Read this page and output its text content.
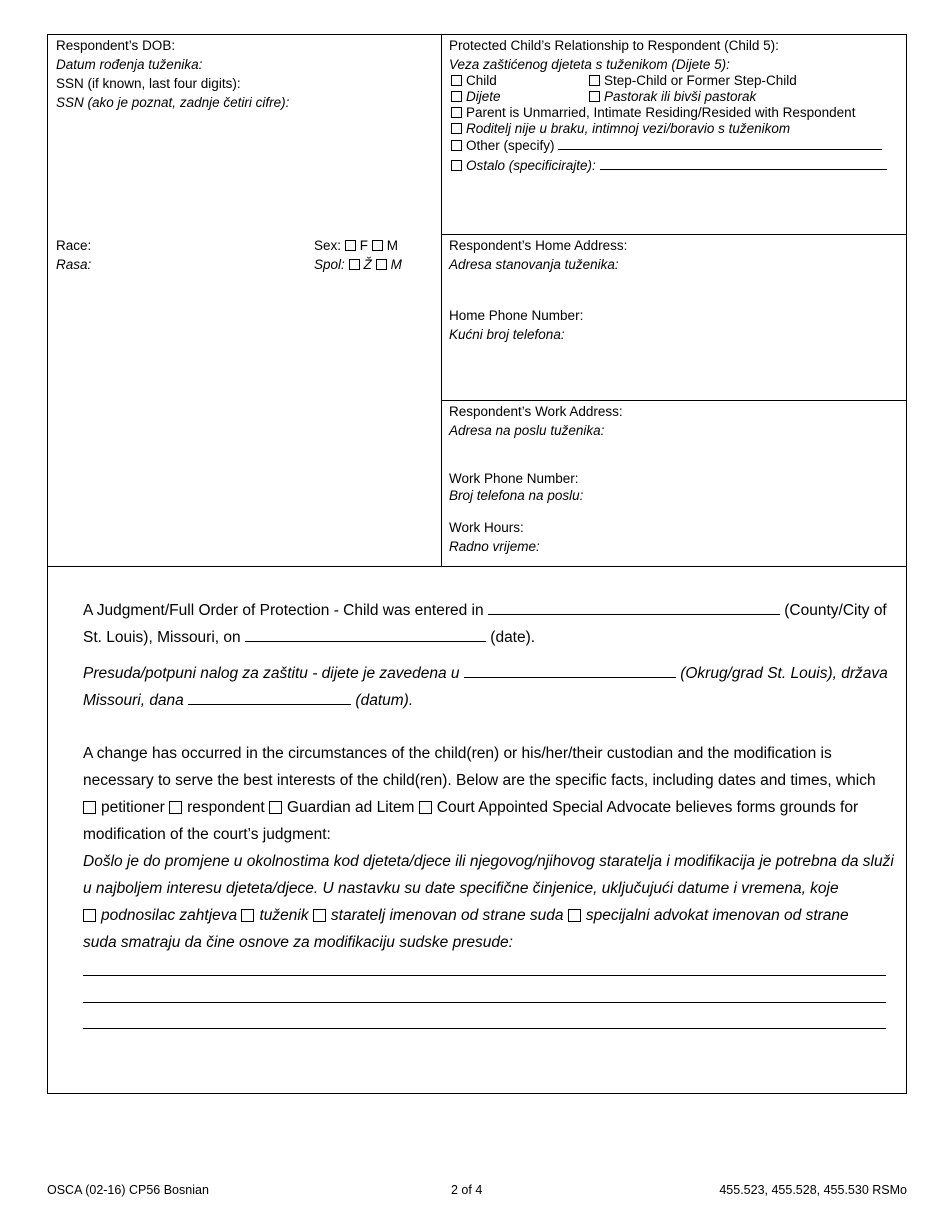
Respondent’s DOB:
Datum rođenja tuženika:
SSN (if known, last four digits):
SSN (ako je poznat, zadnje četiri cifre):
Race:
Rasa:
Sex: F M
Spol: Ž M
Protected Child’s Relationship to Respondent (Child 5):
Veza zaštićenog djeteta s tuženikom (Dijete 5):
Child	Step-Child or Former Step-Child
Dijete	Pastorak ili bivši pastorak
Parent is Unmarried, Intimate Residing/Resided with Respondent
Roditelj nije u braku, intimnoj vezi/boravio s tuženikom
Other (specify)
Ostalo (specificirajte):
Respondent’s Home Address:
Adresa stanovanja tuženika:
Home Phone Number:
Kućni broj telefona:
Respondent’s Work Address:
Adresa na poslu tuženika:
Work Phone Number:
Broj telefona na poslu:
Work Hours:
Radno vrijeme:
A Judgment/Full Order of Protection - Child was entered in	(County/City of
St. Louis), Missouri, on	(date).
Presuda/potpuni nalog za zaštitu - dijete je zavedena u	(Okrug/grad St. Louis), država
Missouri, dana	(datum).
A change has occurred in the circumstances of the child(ren) or his/her/their custodian and the modification is
necessary to serve the best interests of the child(ren). Below are the specific facts, including dates and times, which
petitioner respondent Guardian ad Litem Court Appointed Special Advocate believes forms grounds for
modification of the court’s judgment:
Došlo je do promjene u okolnostima kod djeteta/djece ili njegovog/njihovog staratelja i modifikacija je potrebna da služi
u najboljem interesu djeteta/djece. U nastavku su date specifične činjenice, uključujući datume i vremena, koje
podnosilac zahtjeva tuženik staratelj imenovan od strane suda specijalni advokat imenovan od strane
suda smatraju da čine osnove za modifikaciju sudske presude:
OSCA (02-16) CP56 Bosnian	2 of 4	455.523, 455.528, 455.530 RSMo
